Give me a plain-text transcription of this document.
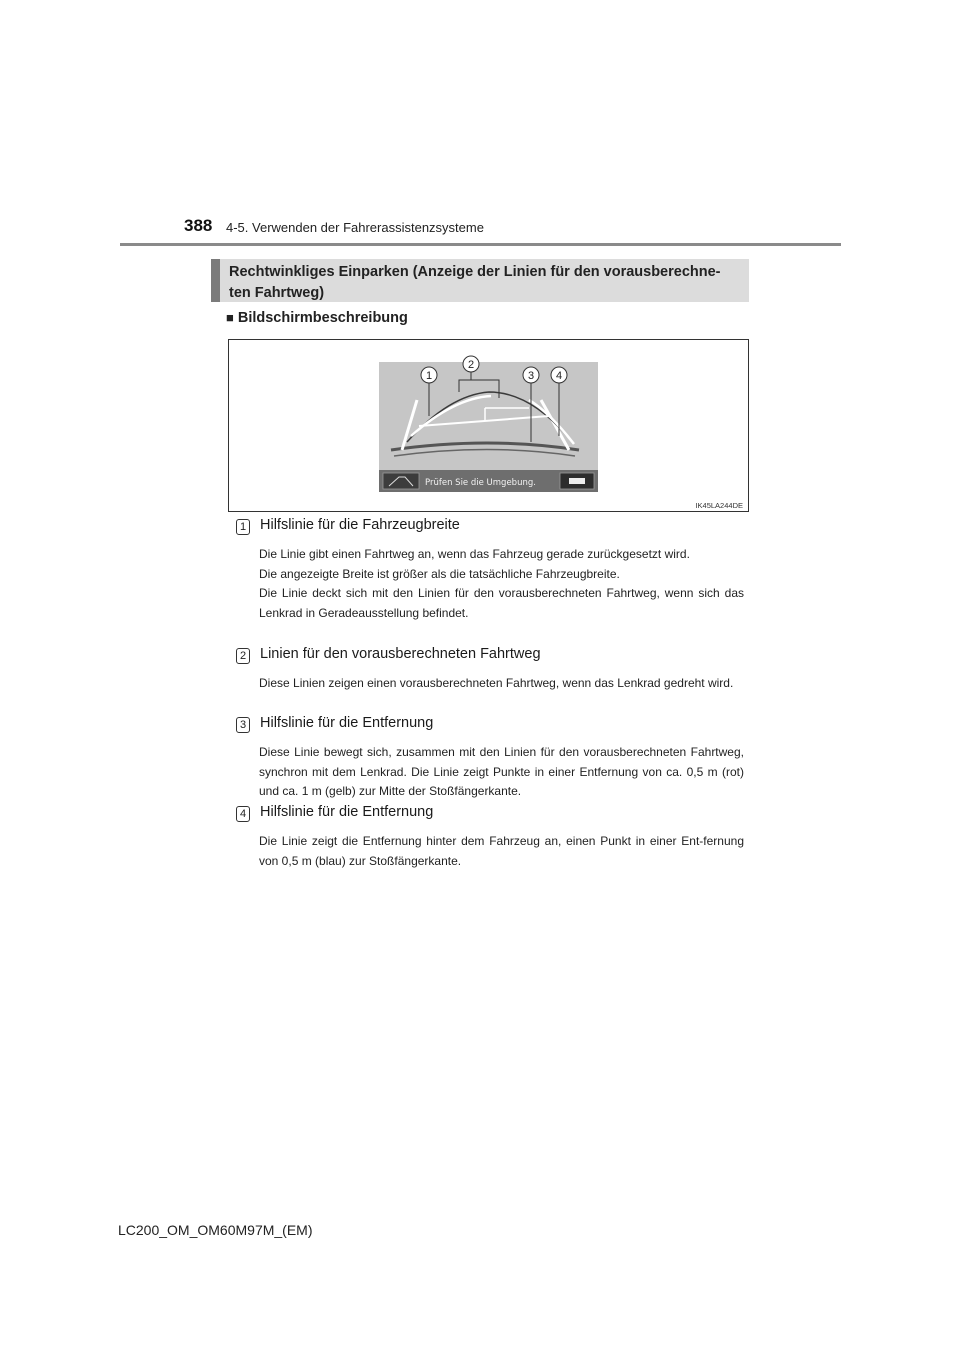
388 4-5. Verwenden der Fahrerassistenzsysteme
Rechtwinkliges Einparken (Anzeige der Linien für den vorausberechne-
ten Fahrtweg)
■ Bildschirmbeschreibung
1
2
3 4
Prüfen Sie die Umgebung.
IK45LA244DE
1 Hilfslinie für die Fahrzeugbreite

Die Linie gibt einen Fahrtweg an, wenn das Fahrzeug gerade zurückgesetzt wird.

Die angezeigte Breite ist größer als die tatsächliche Fahrzeugbreite.

Die Linie deckt sich mit den Linien für den vorausberechneten Fahrtweg, wenn sich das Lenkrad in Geradeausstellung befindet.

2 Linien für den vorausberechneten Fahrtweg

Diese Linien zeigen einen vorausberechneten Fahrtweg, wenn das Lenkrad gedreht wird.

3 Hilfslinie für die Entfernung

Diese Linie bewegt sich, zusammen mit den Linien für den vorausberechneten Fahrtweg, synchron mit dem Lenkrad. Die Linie zeigt Punkte in einer Entfernung von ca. 0,5 m (rot) und ca. 1 m (gelb) zur Mitte der Stoßfängerkante.

4 Hilfslinie für die Entfernung

Die Linie zeigt die Entfernung hinter dem Fahrzeug an, einen Punkt in einer Ent-fernung von 0,5 m (blau) zur Stoßfängerkante.

LC200_OM_OM60M97M_(EM)
